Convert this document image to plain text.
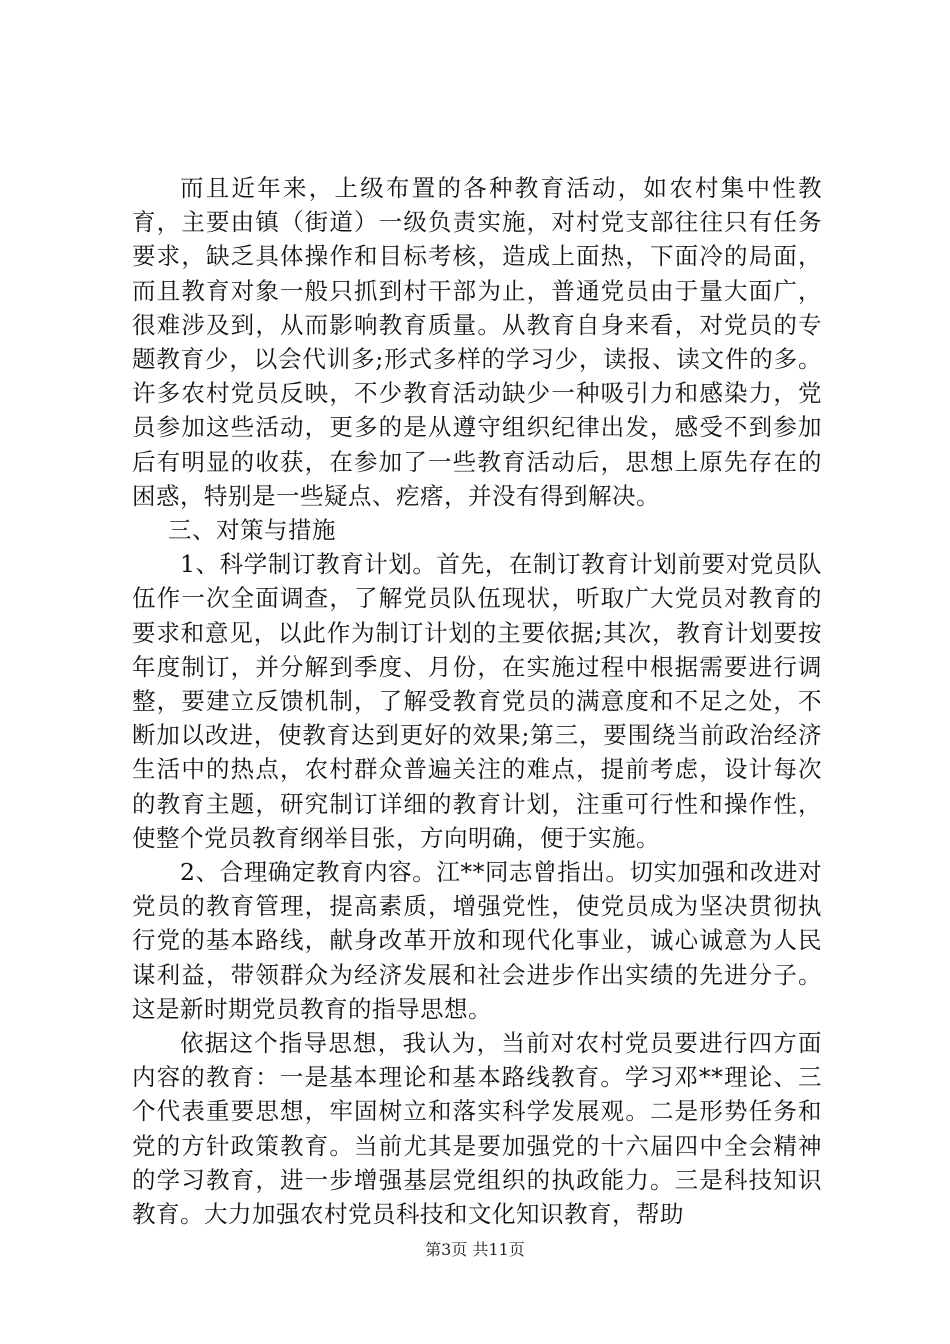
而且近年来，上级布置的各种教育活动，如农村集中性教育，主要由镇（街道）一级负责实施，对村党支部往往只有任务要求，缺乏具体操作和目标考核，造成上面热，下面冷的局面，而且教育对象一般只抓到村干部为止，普通党员由于量大面广，很难涉及到，从而影响教育质量。从教育自身来看，对党员的专题教育少，以会代训多;形式多样的学习少，读报、读文件的多。许多农村党员反映，不少教育活动缺少一种吸引力和感染力，党员参加这些活动，更多的是从遵守组织纪律出发，感受不到参加后有明显的收获，在参加了一些教育活动后，思想上原先存在的困惑，特别是一些疑点、疙瘩，并没有得到解决。

三、对策与措施

1、科学制订教育计划。首先，在制订教育计划前要对党员队伍作一次全面调查，了解党员队伍现状，听取广大党员对教育的要求和意见，以此作为制订计划的主要依据;其次，教育计划要按年度制订，并分解到季度、月份，在实施过程中根据需要进行调整，要建立反馈机制，了解受教育党员的满意度和不足之处，不断加以改进，使教育达到更好的效果;第三，要围绕当前政治经济生活中的热点，农村群众普遍关注的难点，提前考虑，设计每次的教育主题，研究制订详细的教育计划，注重可行性和操作性，使整个党员教育纲举目张，方向明确，便于实施。

2、合理确定教育内容。江**同志曾指出。切实加强和改进对党员的教育管理，提高素质，增强党性，使党员成为坚决贯彻执行党的基本路线，献身改革开放和现代化事业，诚心诚意为人民谋利益，带领群众为经济发展和社会进步作出实绩的先进分子。这是新时期党员教育的指导思想。

依据这个指导思想，我认为，当前对农村党员要进行四方面内容的教育：一是基本理论和基本路线教育。学习邓**理论、三个代表重要思想，牢固树立和落实科学发展观。二是形势任务和党的方针政策教育。当前尤其是要加强党的十六届四中全会精神的学习教育，进一步增强基层党组织的执政能力。三是科技知识教育。大力加强农村党员科技和文化知识教育，帮助

第3页 共11页
